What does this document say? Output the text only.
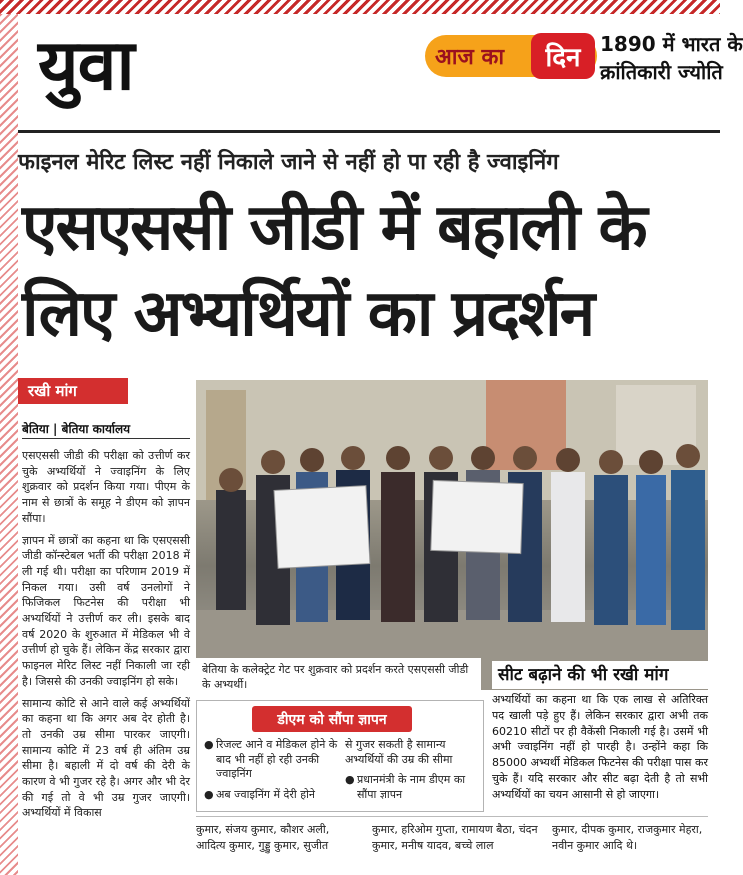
युवा	आज का	दिन 1890 में भारत के
क्रांतिकारी ज्योति
फाइनल मेरिट लिस्ट नहीं निकाले जाने से नहीं हो पा रही है ज्वाइनिंग
एसएससी जीडी में बहाली के
लिए अभ्यर्थियों का प्रदर्शन
रखी मांग
बेतिया | बेतिया कार्यालय

एसएससी जीडी की परीक्षा को उत्तीर्ण कर चुके अभ्यर्थियों ने ज्वाइनिंग के लिए शुक्रवार को प्रदर्शन किया गया। पीएम के नाम से छात्रों के समूह ने डीएम को ज्ञापन सौंपा।

ज्ञापन में छात्रों का कहना था कि एसएससी जीडी कॉन्स्टेबल भर्ती की परीक्षा 2018 में ली गई थी। परीक्षा का परिणाम 2019 में निकल गया। उसी वर्ष उनलोगों ने फिजिकल फिटनेस की परीक्षा भी अभ्यर्थियों ने उत्तीर्ण कर ली। इसके बाद वर्ष 2020 के शुरुआत में मेडिकल भी वे उत्तीर्ण हो चुके हैं। लेकिन केंद्र सरकार द्वारा फाइनल मेरिट लिस्ट नहीं निकाली जा रही है। जिससे की उनकी ज्वाइनिंग हो सके।

सामान्य कोटि से आने वाले कई अभ्यर्थियों का कहना था कि अगर अब देर होती है। तो उनकी उम्र सीमा पारकर जाएगी। सामान्य कोटि में 23 वर्ष ही अंतिम उम्र सीमा है। बहाली में दो वर्ष की देरी के कारण वे भी गुजर रहे है। अगर और भी देर की गई तो वे भी उम्र गुजर जाएगी। अभ्यर्थियों में विकास

बेतिया के कलेक्ट्रेट गेट पर शुक्रवार को प्रदर्शन करते एसएससी जीडी के अभ्यर्थी।	सीट बढ़ाने की भी रखी मांग
अभ्यर्थियों का कहना था कि एक लाख से अतिरिक्त पद खाली पड़े हुए हैं। लेकिन सरकार द्वारा अभी तक 60210 सीटों पर ही वैकेंसी निकाली गई है। उसमें भी अभी ज्वाइनिंग नहीं हो पारही है। उन्होंने कहा कि 85000 अभ्यर्थी मेडिकल फिटनेस की परीक्षा पास कर चुके हैं। यदि सरकार और सीट बढ़ा देती है तो सभी अभ्यर्थियों का चयन आसानी से हो जाएगा।
डीएम को सौंपा ज्ञापन
● रिजल्ट आने व मेडिकल होने के बाद भी नहीं हो रही उनकी ज्वाइनिंग
● अब ज्वाइनिंग में देरी होने
से गुजर सकती है सामान्य अभ्यर्थियों की उम्र की सीमा
● प्रधानमंत्री के नाम डीएम का सौंपा ज्ञापन
कुमार, संजय कुमार, कौशर अली, आदित्य कुमार, गुड्डु कुमार, सुजीत
कुमार, हरिओम गुप्ता, रामायण बैठा, चंदन कुमार, मनीष यादव, बच्चे लाल
कुमार, दीपक कुमार, राजकुमार मेहरा, नवीन कुमार आदि थे।
